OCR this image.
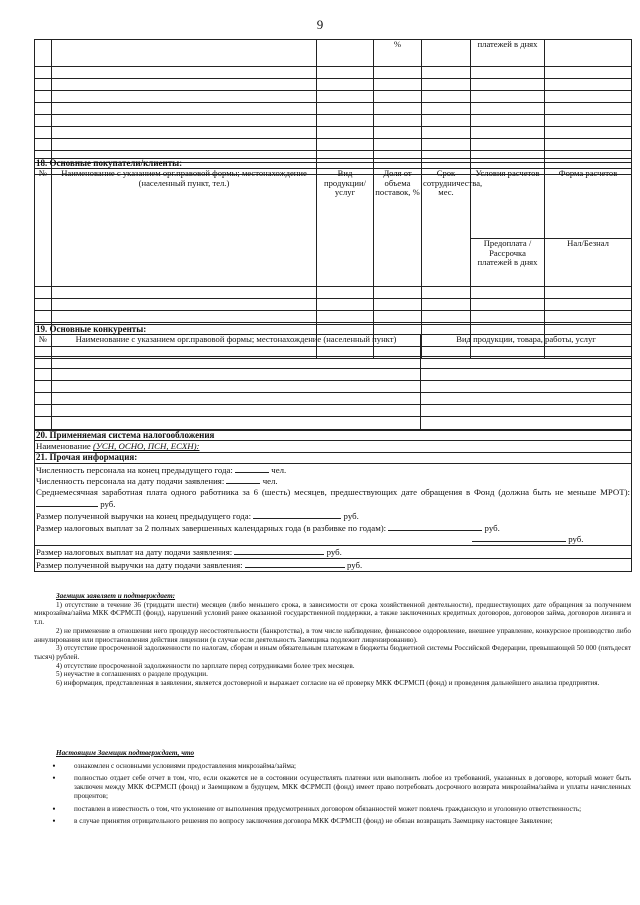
9
			%		платежей в днях	

18. Основные покупатели/клиенты:						
№	Наименование с указанием орг.правовой формы; местонахождение (населенный пункт, тел.)	Вид продукции/услуг	Доля от объема поставок, %	Срок сотрудничества, мес.	Условия расчетов	Форма расчетов
					Предоплата / Рассрочка платежей в днях	Нал/Безнал

19. Основные конкуренты:		
№	Наименование с указанием орг.правовой формы; местонахождение (населенный пункт)	Вид продукции, товара, работы, услуг

20. Применяемая система налогообложения
Наименование (УСН, ОСНО, ПСН, ЕСХН):
21. Прочая информация:

Численность персонала на конец предыдущего года:	чел.
Численность персонала на дату подачи заявления:	чел.
Среднемесячная заработная плата одного работника за 6 (шесть) месяцев, предшествующих дате обращения в Фонд (должна быть не меньше МРОТ):  руб.
Размер полученной выручки на конец предыдущего года:	руб.
Размер налоговых выплат за 2 полных завершенных календарных года (в разбивке по годам):	руб.
руб.

Размер налоговых выплат на дату подачи заявления:	руб.
Размер полученной выручки на дату подачи заявления:	руб.

Заемщик заявляет и подтверждает:

1) отсутствие в течение 36 (тридцати шести) месяцев (либо меньшего срока, в зависимости от срока хозяйственной деятельности), предшествующих дате обращения за получением микрозайма/займа МКК ФСРМСП (фонд), нарушений условий ранее оказанной государственной поддержки, а также заключенных кредитных договоров, договоров займа, договоров лизинга и т.п.

2) не применение в отношении него процедур несостоятельности (банкротства), в том числе наблюдение, финансовое оздоровление, внешнее управление, конкурсное производство либо аннулирования или приостановления действия лицензии (в случае если деятельность Заемщика подлежит лицензированию).

3) отсутствие просроченной задолженности по налогам, сборам и иным обязательным платежам в бюджеты бюджетной системы Российской Федерации, превышающей 50 000 (пятьдесят тысяч) рублей.

4) отсутствие просроченной задолженности по зарплате перед сотрудниками более трех месяцев.

5) неучастие в соглашениях о разделе продукции.

6) информация, представленная в заявлении, является достоверной и выражает согласие на её проверку МКК ФСРМСП (фонд) и проведения дальнейшего анализа предприятия.

Настоящим Заемщик подтверждает, что

•	ознакомлен с основными условиями предоставления микрозайма/займа;
•	полностью отдает себе отчет в том, что, если окажется не в состоянии осуществлять платежи или выполнить любое из требований, указанных в договоре, который может быть заключен между МКК ФСРМСП (фонд) и Заемщиком в будущем, МКК ФСРМСП (фонд) имеет право потребовать досрочного возврата микрозайма/займа и уплаты начисленных процентов;
•	поставлен в известность о том, что уклонение от выполнения предусмотренных договором обязанностей может повлечь гражданскую и уголовную ответственность;
•	в случае принятия отрицательного решения по вопросу заключения договора МКК ФСРМСП (фонд) не обязан возвращать Заемщику настоящее Заявление;
